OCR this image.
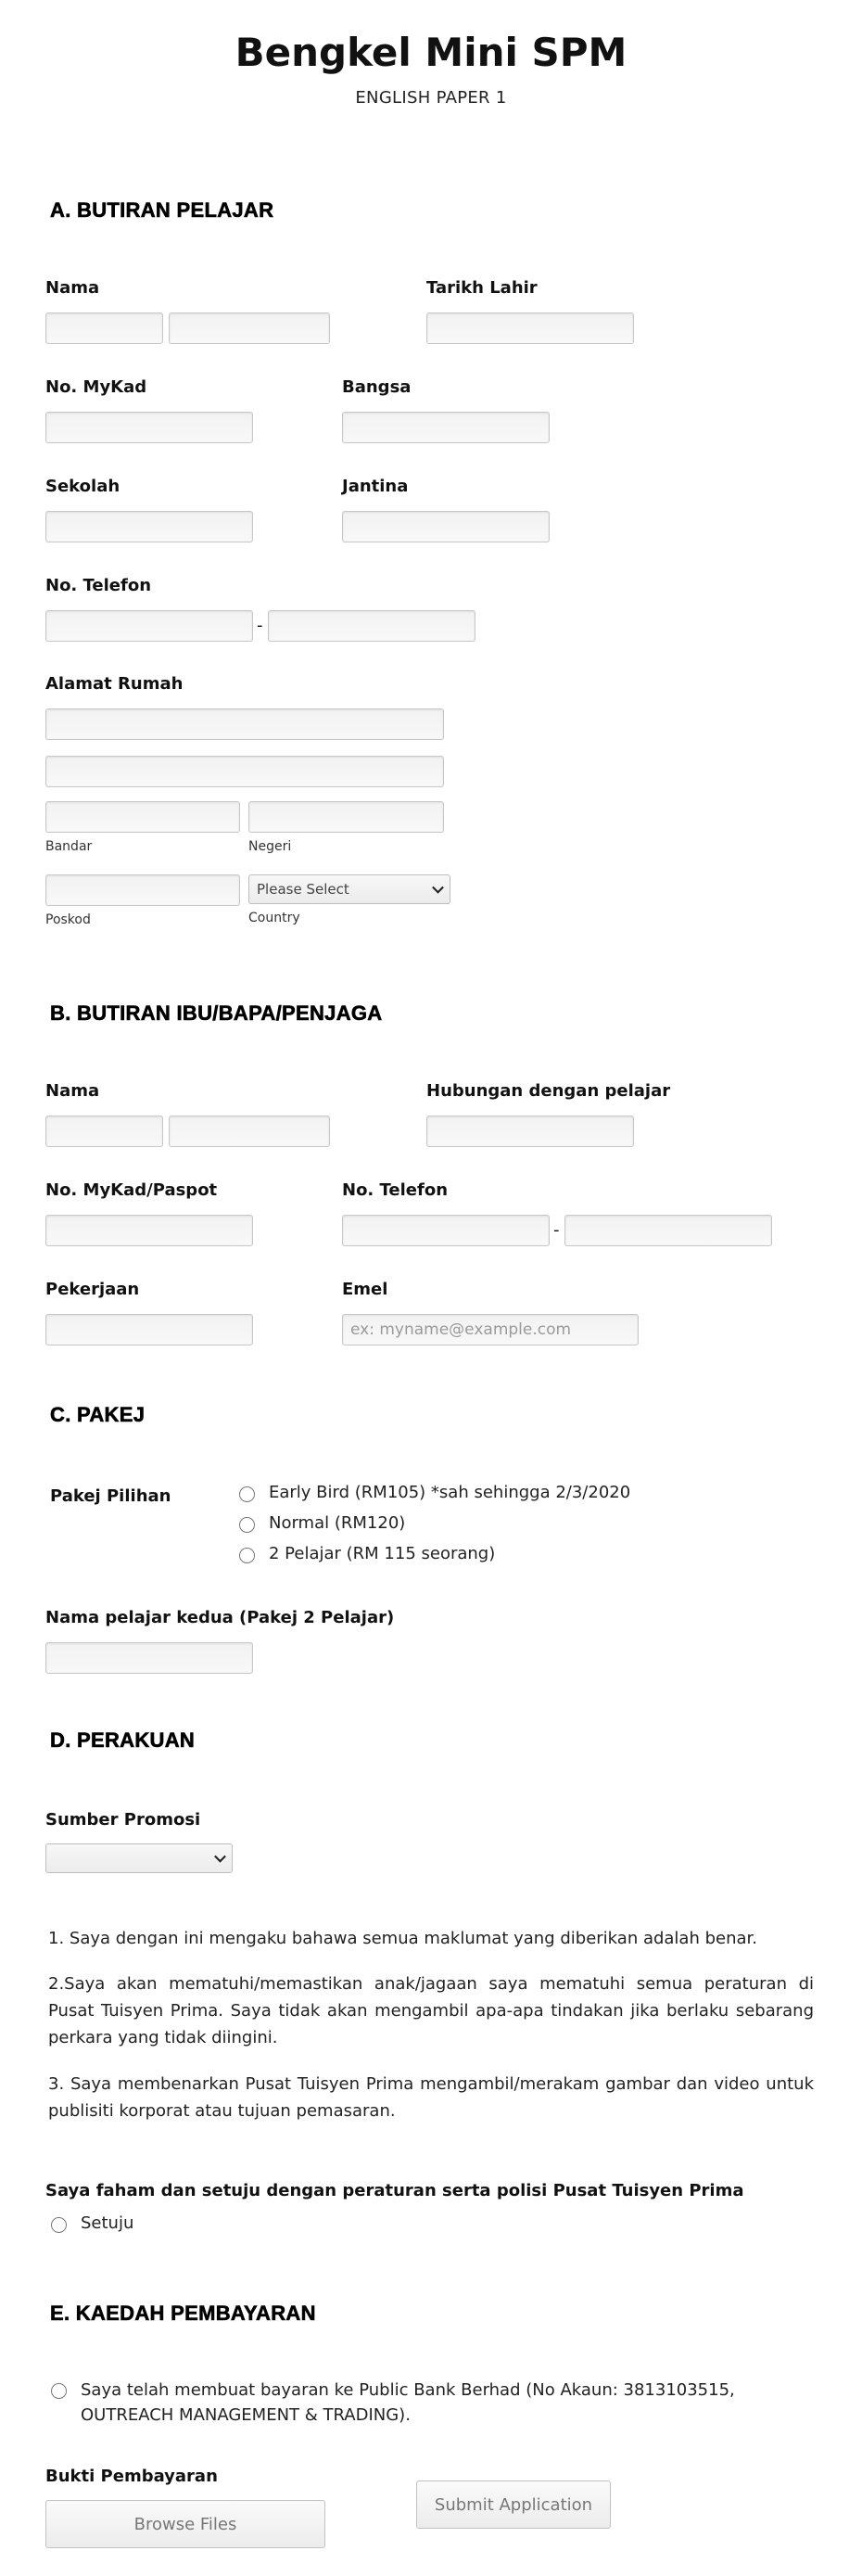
Bengkel Mini SPM
ENGLISH PAPER 1
A. BUTIRAN PELAJAR
Nama	Tarikh Lahir
No. MyKad	Bangsa
Sekolah	Jantina
No. Telefon
-
Alamat Rumah
Bandar	Negeri
Please Select
Poskod	Country
B. BUTIRAN IBU/BAPA/PENJAGA
Nama	Hubungan dengan pelajar
No. MyKad/Paspot	No. Telefon
-
Pekerjaan	Emel
ex: myname@example.com
C. PAKEJ
Pakej Pilihan	Early Bird (RM105) *sah sehingga 2/3/2020
Normal (RM120)
2 Pelajar (RM 115 seorang)
Nama pelajar kedua (Pakej 2 Pelajar)
D. PERAKUAN
Sumber Promosi
1. Saya dengan ini mengaku bahawa semua maklumat yang diberikan adalah benar.
2.Saya akan mematuhi/memastikan anak/jagaan saya mematuhi semua peraturan di Pusat Tuisyen Prima. Saya tidak akan mengambil apa-apa tindakan jika berlaku sebarang perkara yang tidak diingini.
3. Saya membenarkan Pusat Tuisyen Prima mengambil/merakam gambar dan video untuk publisiti korporat atau tujuan pemasaran.
Saya faham dan setuju dengan peraturan serta polisi Pusat Tuisyen Prima
Setuju
E. KAEDAH PEMBAYARAN
Saya telah membuat bayaran ke Public Bank Berhad (No Akaun: 3813103515, OUTREACH MANAGEMENT & TRADING).
Bukti Pembayaran
Browse Files
Submit Application
